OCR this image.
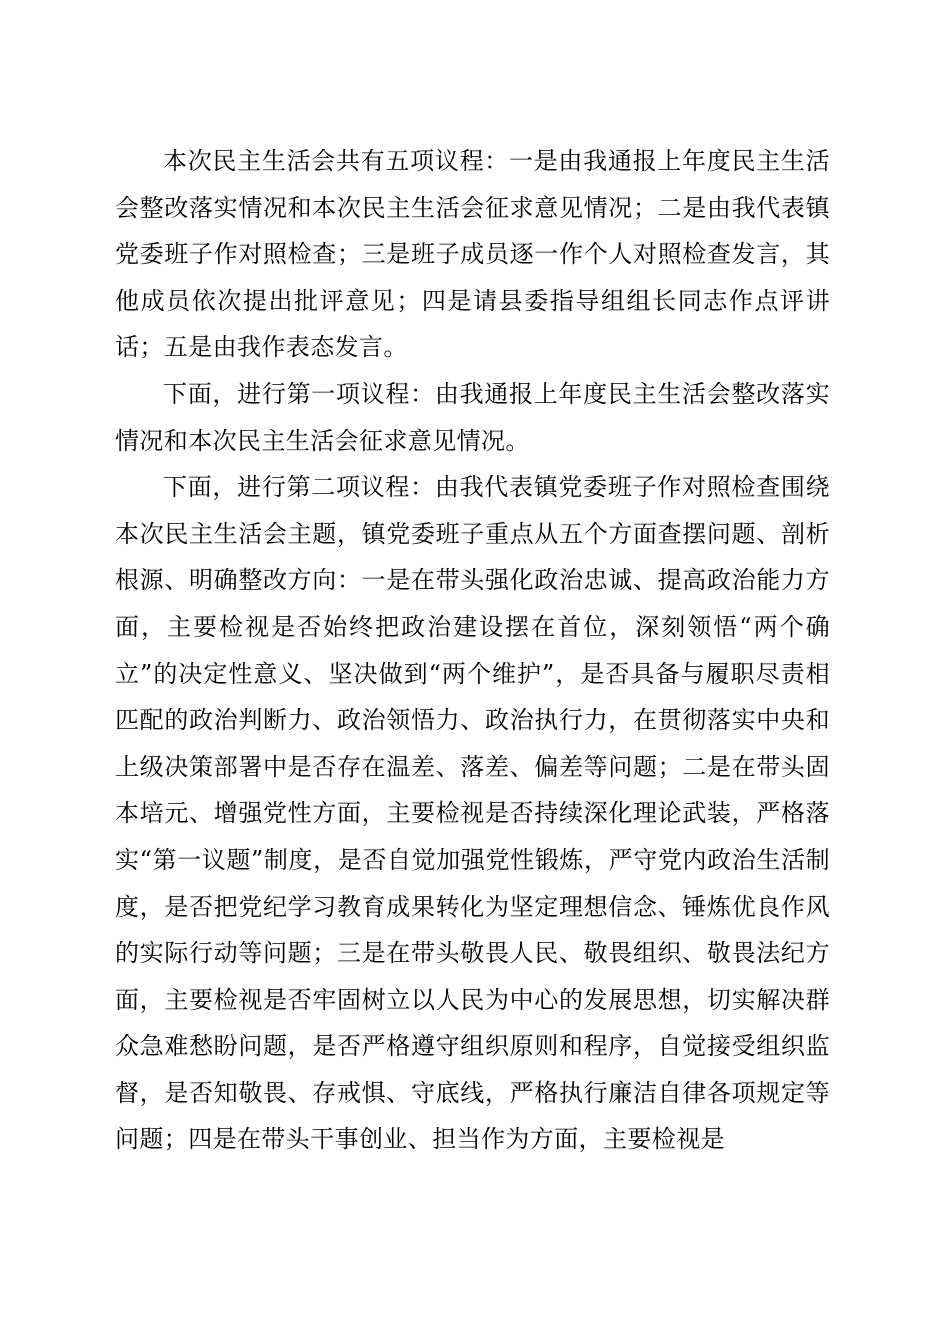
本次民主生活会共有五项议程：一是由我通报上年度民主生活会整改落实情况和本次民主生活会征求意见情况；二是由我代表镇党委班子作对照检查；三是班子成员逐一作个人对照检查发言，其他成员依次提出批评意见；四是请县委指导组组长同志作点评讲话；五是由我作表态发言。

下面，进行第一项议程：由我通报上年度民主生活会整改落实情况和本次民主生活会征求意见情况。

下面，进行第二项议程：由我代表镇党委班子作对照检查围绕本次民主生活会主题，镇党委班子重点从五个方面查摆问题、剖析根源、明确整改方向：一是在带头强化政治忠诚、提高政治能力方面，主要检视是否始终把政治建设摆在首位，深刻领悟“两个确立”的决定性意义、坚决做到“两个维护”，是否具备与履职尽责相匹配的政治判断力、政治领悟力、政治执行力，在贯彻落实中央和上级决策部署中是否存在温差、落差、偏差等问题；二是在带头固本培元、增强党性方面，主要检视是否持续深化理论武装，严格落实“第一议题”制度，是否自觉加强党性锻炼，严守党内政治生活制度，是否把党纪学习教育成果转化为坚定理想信念、锤炼优良作风的实际行动等问题；三是在带头敬畏人民、敬畏组织、敬畏法纪方面，主要检视是否牢固树立以人民为中心的发展思想，切实解决群众急难愁盼问题，是否严格遵守组织原则和程序，自觉接受组织监督，是否知敬畏、存戒惧、守底线，严格执行廉洁自律各项规定等问题；四是在带头干事创业、担当作为方面，主要检视是
